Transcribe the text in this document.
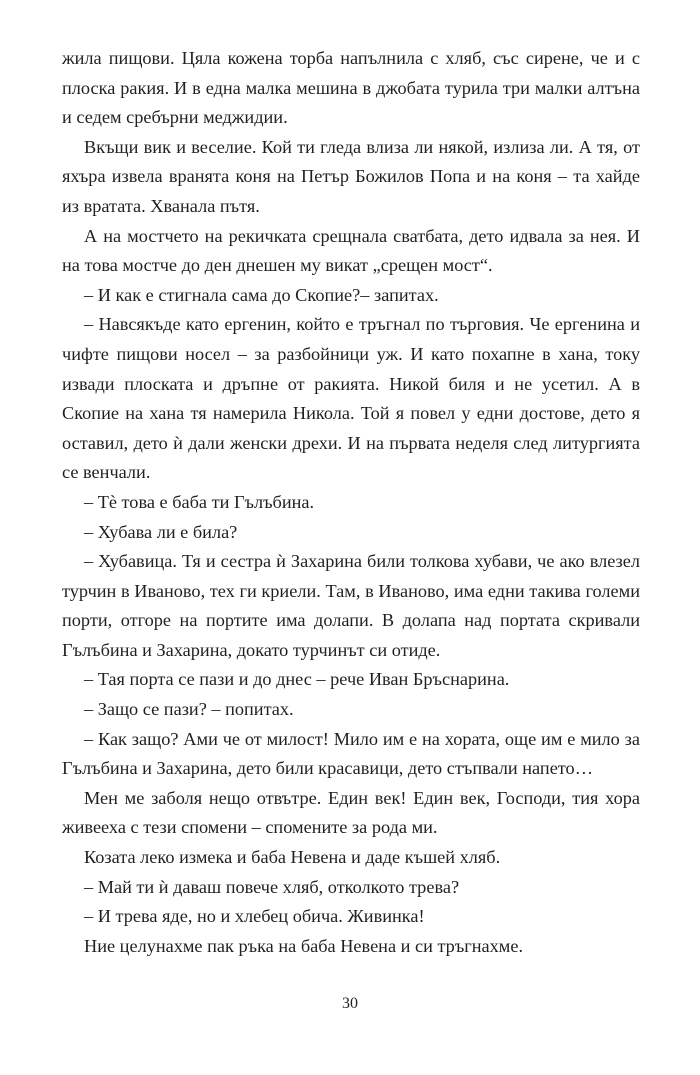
жила пищови. Цяла кожена торба напълнила с хляб, със сирене, че и с плоска ракия. И в една малка мешина в джобата турила три малки алтъна и седем сребърни меджидии.

Вкъщи вик и веселие. Кой ти гледа влиза ли някой, излиза ли. А тя, от яхъра извела вранята коня на Петър Божилов Попа и на коня – та хайде из вратата. Хванала пътя.

А на мостчето на рекичката срещнала сватбата, дето идвала за нея. И на това мостче до ден днешен му викат „срещен мост“.

– И как е стигнала сама до Скопие?– запитах.

– Навсякъде като ергенин, който е тръгнал по търговия. Че ергенина и чифте пищови носел – за разбойници уж. И като похапне в хана, току извади плоската и дръпне от ракията. Никой биля и не усетил. А в Скопие на хана тя намерила Никола. Той я повел у едни достове, дето я оставил, дето ѝ дали женски дрехи. И на първата неделя след литургията се венчали.

– Тѐ това е баба ти Гълъбина.

– Хубава ли е била?

– Хубавица. Тя и сестра ѝ Захарина били толкова хубави, че ако влезел турчин в Иваново, тех ги криели. Там, в Иваново, има едни такива големи порти, отгоре на портите има долапи. В долапа над портата скривали Гълъбина и Захарина, докато турчинът си отиде.

– Тая порта се пази и до днес – рече Иван Бръснарина.

– Защо се пази? – попитах.

– Как защо? Ами че от милост! Мило им е на хората, още им е мило за Гълъбина и Захарина, дето били красавици, дето стъпвали напето…

Мен ме заболя нещо отвътре. Един век! Един век, Господи, тия хора живееха с тези спомени – спомените за рода ми.

Козата леко измека и баба Невена и даде къшей хляб.

– Май ти ѝ даваш повече хляб, отколкото трева?

– И трева яде, но и хлебец обича. Живинка!

Ние целунахме пак ръка на баба Невена и си тръгнахме.

30
